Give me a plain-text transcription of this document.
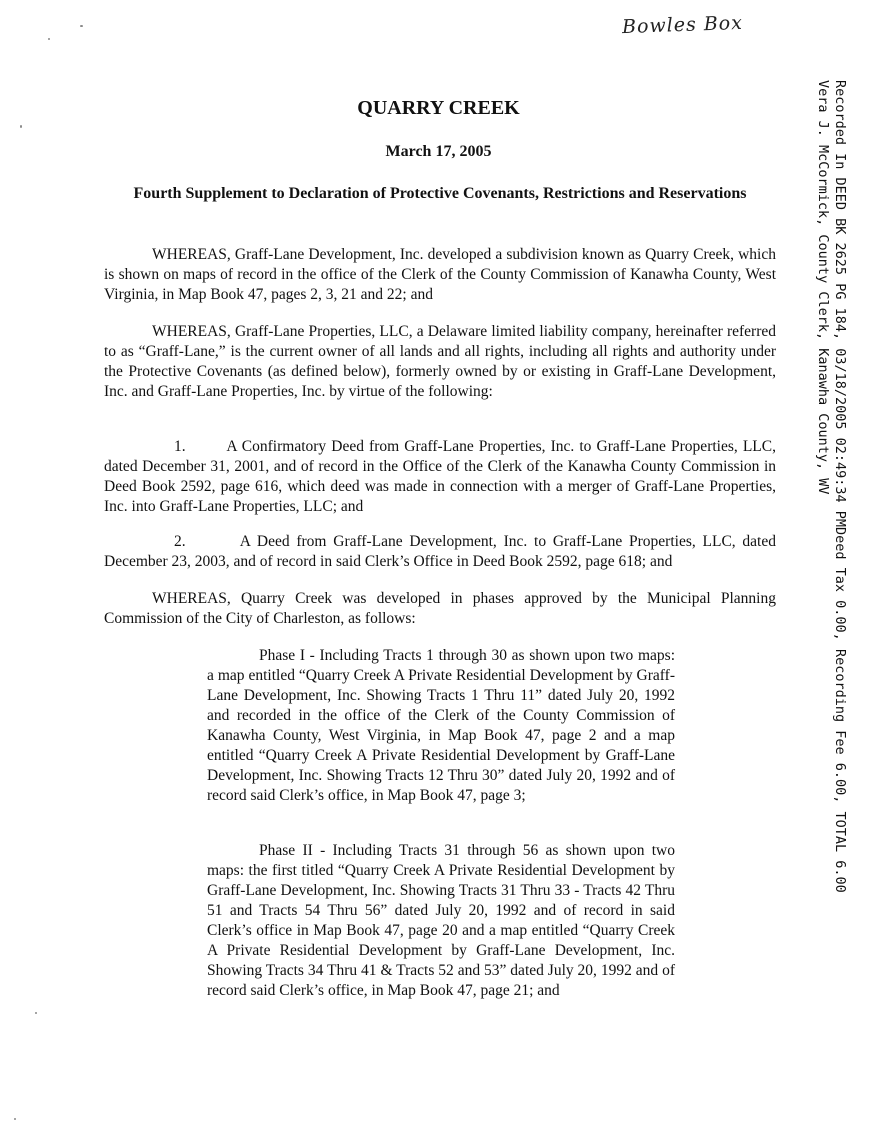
Bowles Box
Recorded In DEED BK 2625 PG 184, 03/18/2005 02:49:34 PMDeed Tax 0.00, Recording Fee 6.00, TOTAL 6.00
Vera J. McCormick, County Clerk, Kanawha County, WV
QUARRY CREEK
March 17, 2005
Fourth Supplement to Declaration of Protective Covenants, Restrictions and Reservations

WHEREAS, Graff-Lane Development, Inc. developed a subdivision known as Quarry Creek, which is shown on maps of record in the office of the Clerk of the County Commission of Kanawha County, West Virginia, in Map Book 47, pages 2, 3, 21 and 22; and

WHEREAS, Graff-Lane Properties, LLC, a Delaware limited liability company, hereinafter referred to as “Graff-Lane,” is the current owner of all lands and all rights, including all rights and authority under the Protective Covenants (as defined below), formerly owned by or existing in Graff-Lane Development, Inc. and Graff-Lane Properties, Inc. by virtue of the following:

1.        A Confirmatory Deed from Graff-Lane Properties, Inc. to Graff-Lane Properties, LLC, dated December 31, 2001, and of record in the Office of the Clerk of the Kanawha County Commission in Deed Book 2592, page 616, which deed was made in connection with a merger of Graff-Lane Properties, Inc. into Graff-Lane Properties, LLC; and

2.        A Deed from Graff-Lane Development, Inc. to Graff-Lane Properties, LLC, dated December 23, 2003, and of record in said Clerk’s Office in Deed Book 2592, page 618; and

WHEREAS, Quarry Creek was developed in phases approved by the Municipal Planning Commission of the City of Charleston, as follows:

Phase I - Including Tracts 1 through 30 as shown upon two maps: a map entitled “Quarry Creek A Private Residential Development by Graff-Lane Development, Inc. Showing Tracts 1 Thru 11” dated July 20, 1992 and recorded in the office of the Clerk of the County Commission of Kanawha County, West Virginia, in Map Book 47, page 2 and a map entitled “Quarry Creek A Private Residential Development by Graff-Lane Development, Inc. Showing Tracts 12 Thru 30” dated July 20, 1992 and of record said Clerk’s office, in Map Book 47, page 3;

Phase II - Including Tracts 31 through 56 as shown upon two maps: the first titled “Quarry Creek A Private Residential Development by Graff-Lane Development, Inc. Showing Tracts 31 Thru 33 - Tracts 42 Thru 51 and Tracts 54 Thru 56” dated July 20, 1992 and of record in said Clerk’s office in Map Book 47, page 20 and a map entitled “Quarry Creek A Private Residential Development by Graff-Lane Development, Inc. Showing Tracts 34 Thru 41 & Tracts 52 and 53” dated July 20, 1992 and of record said Clerk’s office, in Map Book 47, page 21; and
